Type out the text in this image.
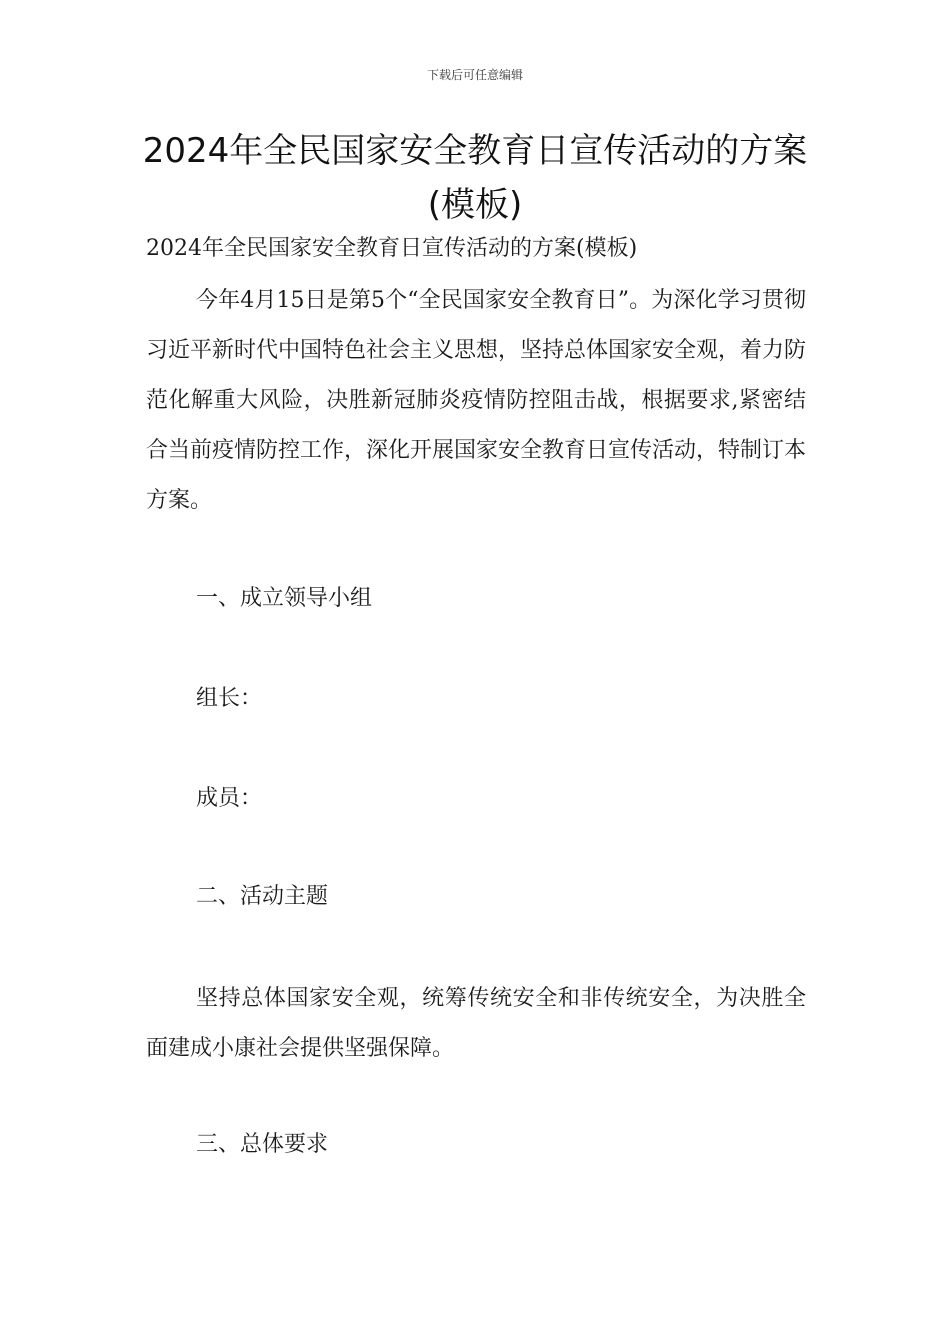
下载后可任意编辑
2024年全民国家安全教育日宣传活动的方案(模板)
2024年全民国家安全教育日宣传活动的方案(模板)
今年4月15日是第5个“全民国家安全教育日”。为深化学习贯彻习近平新时代中国特色社会主义思想，坚持总体国家安全观，着力防范化解重大风险，决胜新冠肺炎疫情防控阻击战，根据要求,紧密结合当前疫情防控工作，深化开展国家安全教育日宣传活动，特制订本方案。
一、成立领导小组
组长：
成员：
二、活动主题
坚持总体国家安全观，统筹传统安全和非传统安全，为决胜全面建成小康社会提供坚强保障。
三、总体要求
